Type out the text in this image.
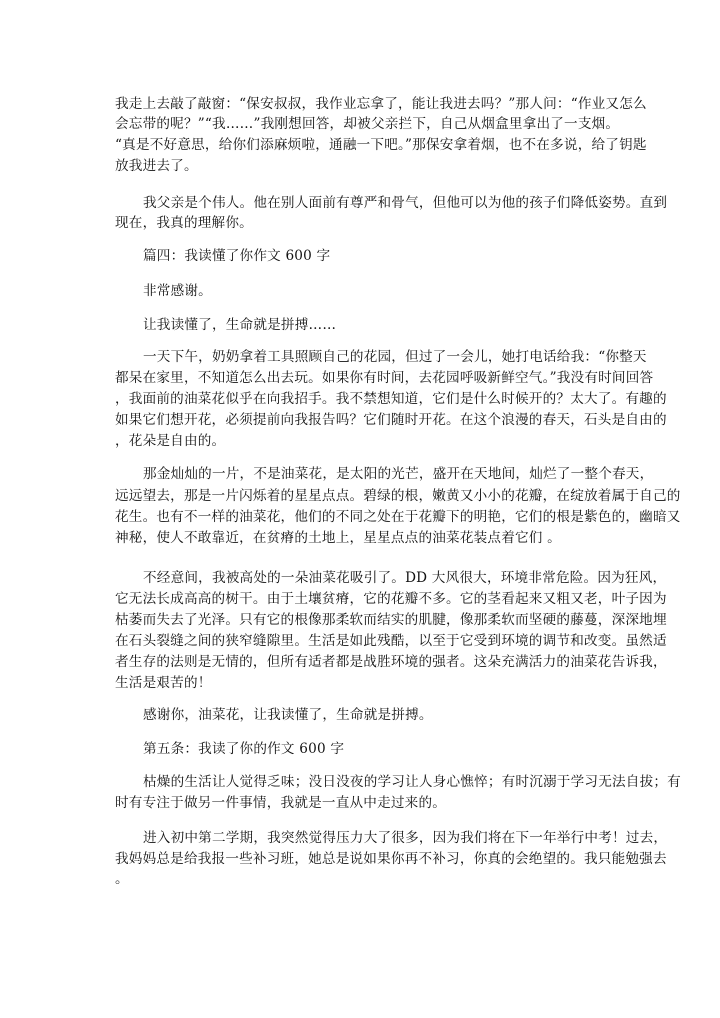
我走上去敲了敲窗：“保安叔叔，我作业忘拿了，能让我进去吗？”那人问：“作业又怎么
会忘带的呢？”“我……”我刚想回答，却被父亲拦下，自己从烟盒里拿出了一支烟。
“真是不好意思，给你们添麻烦啦，通融一下吧。”那保安拿着烟，也不在多说，给了钥匙
放我进去了。
我父亲是个伟人。他在别人面前有尊严和骨气，但他可以为他的孩子们降低姿势。直到
现在，我真的理解你。
篇四：我读懂了你作文 600 字
非常感谢。
让我读懂了，生命就是拼搏……
一天下午，奶奶拿着工具照顾自己的花园，但过了一会儿，她打电话给我：“你整天
都呆在家里，不知道怎么出去玩。如果你有时间，去花园呼吸新鲜空气。”我没有时间回答
，我面前的油菜花似乎在向我招手。我不禁想知道，它们是什么时候开的？太大了。有趣的
如果它们想开花，必须提前向我报告吗？它们随时开花。在这个浪漫的春天，石头是自由的
，花朵是自由的。
那金灿灿的一片，不是油菜花，是太阳的光芒，盛开在天地间，灿烂了一整个春天，
远远望去，那是一片闪烁着的星星点点。碧绿的根，嫩黄又小小的花瓣，在绽放着属于自己的
花生。也有不一样的油菜花，他们的不同之处在于花瓣下的明艳，它们的根是紫色的，幽暗又
神秘，使人不敢靠近，在贫瘠的土地上，星星点点的油菜花装点着它们 。
不经意间，我被高处的一朵油菜花吸引了。DD 大风很大，环境非常危险。因为狂风，
它无法长成高高的树干。由于土壤贫瘠，它的花瓣不多。它的茎看起来又粗又老，叶子因为
枯萎而失去了光泽。只有它的根像那柔软而结实的肌腱，像那柔软而坚硬的藤蔓，深深地埋
在石头裂缝之间的狭窄缝隙里。生活是如此残酷，以至于它受到环境的调节和改变。虽然适
者生存的法则是无情的，但所有适者都是战胜环境的强者。这朵充满活力的油菜花告诉我，
生活是艰苦的！
感谢你，油菜花，让我读懂了，生命就是拼搏。
第五条：我读了你的作文 600 字
枯燥的生活让人觉得乏味；没日没夜的学习让人身心憔悴；有时沉溺于学习无法自拔；有
时有专注于做另一件事情，我就是一直从中走过来的。
进入初中第二学期，我突然觉得压力大了很多，因为我们将在下一年举行中考！过去，
我妈妈总是给我报一些补习班，她总是说如果你再不补习，你真的会绝望的。我只能勉强去
。
